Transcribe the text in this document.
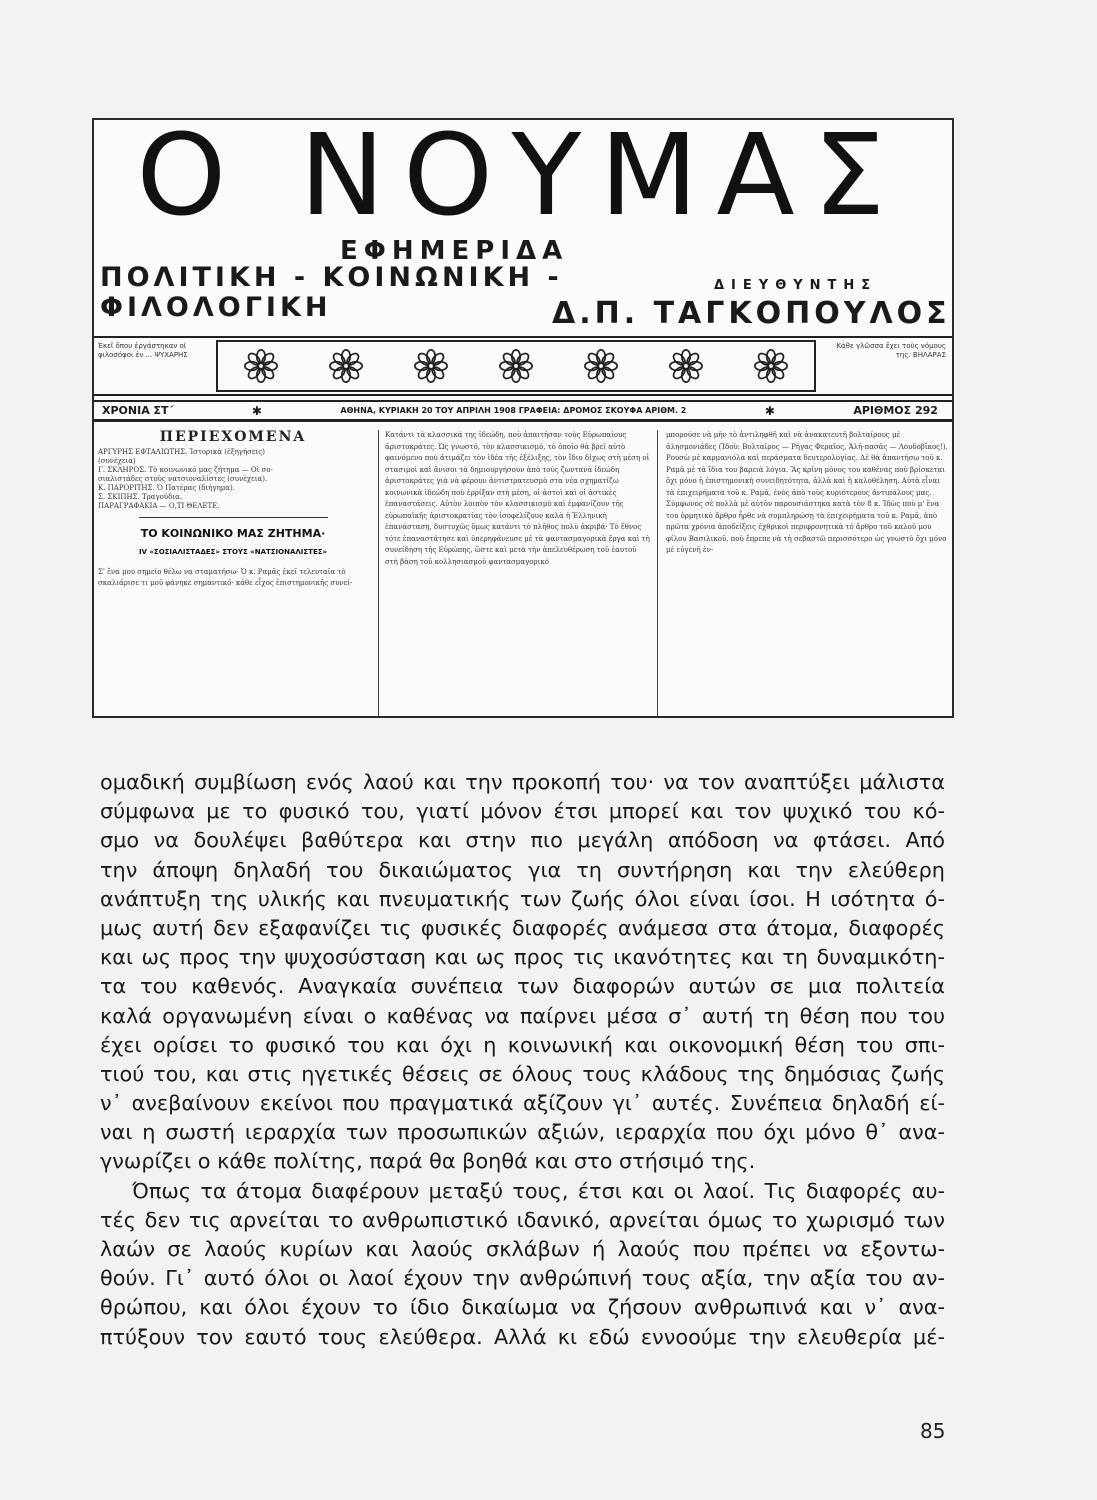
Ο ΝΟΥΜΑΣ
ΕΦΗΜΕΡΙΔΑ
ΠΟΛΙΤΙΚΗ - ΚΟΙΝΩΝΙΚΗ -
ΦΙΛΟΛΟΓΙΚΗ
ΔΙΕΥΘΥΝΤΗΣ
Δ.Π. ΤΑΓΚΟΠΟΥΛΟΣ
Ἐκεῖ ὅπου ἐργάστηκαν οἱ φιλοσόφοι ἐν ... ΨΥΧΑΡΗΣ
Κάθε γλῶσσα ἔχει τοὺς νόμους της. ΒΗΛΑΡΑΣ
ΧΡΟΝΙΑ ΣΤ΄	✱	ΑΘΗΝΑ, ΚΥΡΙΑΚΗ 20 ΤΟΥ ΑΠΡΙΛΗ 1908 ΓΡΑΦΕΙΑ: ΔΡΟΜΟΣ ΣΚΟΥΦΑ ΑΡΙΘΜ. 2	✱	ΑΡΙΘΜΟΣ 292
ΠΕΡΙΕΧΟΜΕΝΑ
ΑΡΓΥΡΗΣ ΕΦΤΑΛΙΩΤΗΣ. Ἱστορικὰ (ἐξηγήσεις)
(συνέχεια)
Γ. ΣΚΛΗΡΟΣ. Τὸ κοινωνικό μας ζήτημα — Οἱ σο-
σιαλιστάδες στοὺς νατσιοναλίστες (συνέχεια).
Κ. ΠΑΡΟΡΙΤΗΣ. Ὁ Πατέρας (διήγημα).
Σ. ΣΚΙΠΗΣ. Τραγούδια.
ΠΑΡΑΓΡΑΦΑΚΙΑ — Ο,ΤΙ ΘΕΛΕΤΕ.
ΤΟ ΚΟΙΝΩΝΙΚΟ ΜΑΣ ΖΗΤΗΜΑ·
IV «ΣΟΣΙΑΛΙΣΤΑΔΕΣ» ΣΤΟΥΣ «ΝΑΤΣΙΟΝΑΛΙΣΤΕΣ»
Σ' ἕνα μου σημείο θέλω να σταματήσω· Ὁ κ. Ραμᾶς ἐκεῖ τελευταῖα τὸ σκαλιάρισε τι μοῦ φάνηκε σημαντικό· κάθε εἶχος ἐπιστημονικῆς συνεί-
Κατάντι τὰ κλασσικά της ἰδεώδη, ποὺ ἀπαιτήσαν τοὺς Εὐρωπαίους ἀριστοκράτες. Ὡς γνωστό, τὸν κλασσικισμό, τὸ ὁποῖο θὰ βρεῖ αὐτὸ φαινόμενο ποὺ ἀτιμάζει τὸν ἰδέα τῆς ἐξέλιξης, τὸν ἴδιο δίχως στὴ μέση οἱ στασιμοὶ καὶ ἄνισοι τὰ δημιουργήσουν ἀπὸ τοὺς ζωντανὰ ἰδεώδη ἀριστοκράτες γιὰ νὰ φέρουν ἀντιστρατευσμὸ στα νέα σχηματίζω κοινωνικὰ ἰδεώδη ποὺ ἐρρίξαν στὴ μέση, οἱ ἀστοὶ καὶ οἱ ἀστικὲς ἐπαναστάσεις. Αὐτὸν λοιπὸν τὸν κλασσικισμὸ καὶ ἐμφανίζουν τῆς εὐρωπαϊκῆς ἀριστοκρατίας τὸν ἰσοφελίζουν καλὰ ἡ Ἑλληνικὴ ἐπανάσταση, δυστυχῶς ὅμως κατάντι τὸ πλῆθος πολὺ ἀκριβά· Τὸ ἔθνος τότε ἐπαναστάτησε καὶ ὑπερηφάνευσε μὲ τὰ φαντασμαγορικὰ ἔργα καὶ τὴ συνείδηση τῆς Εὐρώπης, ὥστε καὶ μετὰ τὴν ἀπελευθέρωση τοῦ ἑαυτοῦ στὴ βάση τοῦ κολλησιασμοῦ φαντασμαγορικό
μπορούσε νὰ μὴν τὸ ἀντιληφθῆ καὶ νὰ ἀνακατευτῆ βολταίρους μὲ ἀλησμονιάδες (Ἰδοὺ: Βολταῖρος — Ρήγας Φεραῖος, Ἀλῆ-πασᾶς — Λουδοβῖκος!), Ρουσὼ μὲ καρμανιόλα καὶ περάσματα δευτερολογίας. Δὲ θὰ ἀπαντήσω τοῦ κ. Ραμᾶ μὲ τὰ ἴδια του βαρειὰ λόγια. Ἂς κρίνη μόνος του καθένας ποὺ βρίσκεται ὄχι μόνο ἡ ἐπιστημονικὴ συνειδητότητα, ἀλλὰ καὶ ἡ καλοθέληση. Αὐτὰ εἶναι τὰ ἐπιχειρήματα τοῦ κ. Ραμᾶ, ἑνὸς ἀπὸ τοὺς κυριότερους ἀντιπάλους μας. Σύμφωνος σὲ πολλὰ μὲ αὐτὸν παρουσιάστηκα κατὰ τὸν 8 κ. Ἰδὼς ποὺ μ' ἕνα του ὀρμητικὸ ἄρθρο ἦρθε νὰ συμπληρώσῃ τὰ ἐπιχειρήματα τοῦ κ. Ραμᾶ, ἀπὸ πρῶτα χρόνια ἀποδείξεις ἐχθρικοὶ περιφρονητικὰ τὸ ἄρθρο τοῦ καλοῦ μου φίλου Βασιλικοῦ, ποὺ ἔπρεπε νὰ τὴ σεβαστῶ περισσότερο ὡς γνωστὸ ὄχι μόνο μὲ εὐγενῆ ἐν-
ομαδική συμβίωση ενός λαού και την προκοπή του· να τον αναπτύξει μάλιστα
σύμφωνα με το φυσικό του, γιατί μόνον έτσι μπορεί και τον ψυχικό του κό-
σμο να δουλέψει βαθύτερα και στην πιο μεγάλη απόδοση να φτάσει. Από
την άποψη δηλαδή του δικαιώματος για τη συντήρηση και την ελεύθερη
ανάπτυξη της υλικής και πνευματικής των ζωής όλοι είναι ίσοι. Η ισότητα ό-
μως αυτή δεν εξαφανίζει τις φυσικές διαφορές ανάμεσα στα άτομα, διαφορές
και ως προς την ψυχοσύσταση και ως προς τις ικανότητες και τη δυναμικότη-
τα του καθενός. Αναγκαία συνέπεια των διαφορών αυτών σε μια πολιτεία
καλά οργανωμένη είναι ο καθένας να παίρνει μέσα σ᾿ αυτή τη θέση που του
έχει ορίσει το φυσικό του και όχι η κοινωνική και οικονομική θέση του σπι-
τιού του, και στις ηγετικές θέσεις σε όλους τους κλάδους της δημόσιας ζωής
ν᾿ ανεβαίνουν εκείνοι που πραγματικά αξίζουν γι᾿ αυτές. Συνέπεια δηλαδή εί-
ναι η σωστή ιεραρχία των προσωπικών αξιών, ιεραρχία που όχι μόνο θ᾿ ανα-
γνωρίζει ο κάθε πολίτης, παρά θα βοηθά και στο στήσιμό της.
Όπως τα άτομα διαφέρουν μεταξύ τους, έτσι και οι λαοί. Τις διαφορές αυ-
τές δεν τις αρνείται το ανθρωπιστικό ιδανικό, αρνείται όμως το χωρισμό των
λαών σε λαούς κυρίων και λαούς σκλάβων ή λαούς που πρέπει να εξοντω-
θούν. Γι᾿ αυτό όλοι οι λαοί έχουν την ανθρώπινή τους αξία, την αξία του αν-
θρώπου, και όλοι έχουν το ίδιο δικαίωμα να ζήσουν ανθρωπινά και ν᾿ ανα-
πτύξουν τον εαυτό τους ελεύθερα. Αλλά κι εδώ εννοούμε την ελευθερία μέ-
85
